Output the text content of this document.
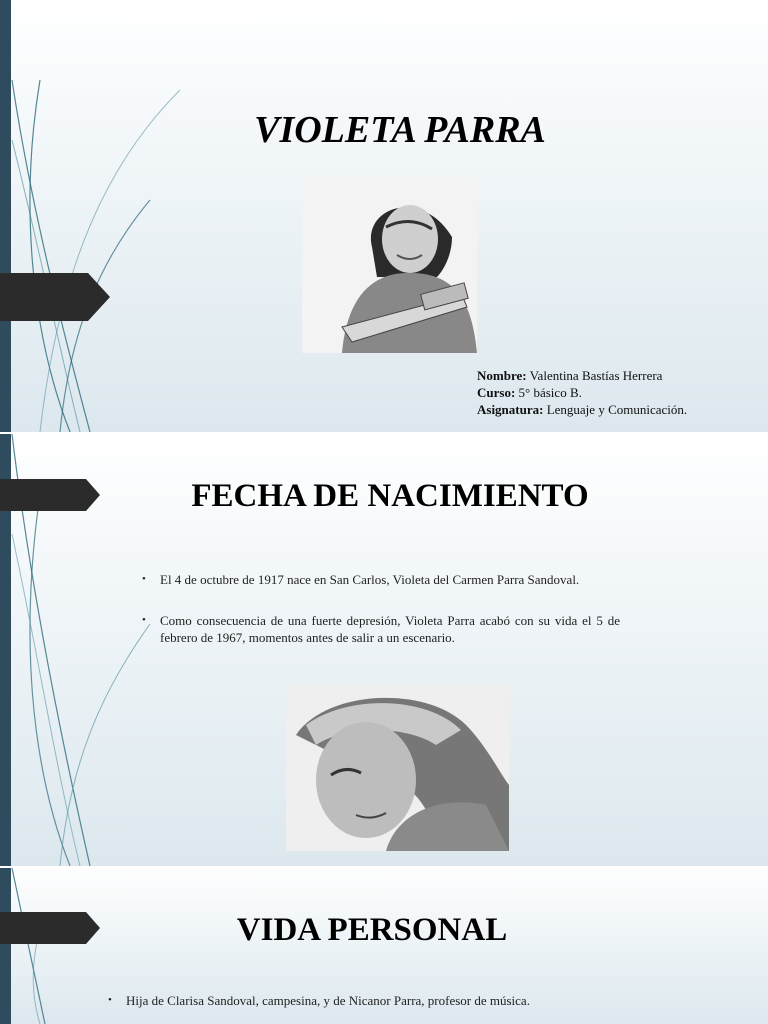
VIOLETA PARRA
Nombre: Valentina Bastías Herrera
Curso: 5° básico B.
Asignatura: Lenguaje y Comunicación.
FECHA DE NACIMIENTO
• El 4 de octubre de 1917 nace en San Carlos, Violeta del Carmen Parra Sandoval.
• Como consecuencia de una fuerte depresión, Violeta Parra acabó con su vida el 5 de febrero de 1967, momentos antes de salir a un escenario.
VIDA PERSONAL
• Hija de Clarisa Sandoval, campesina, y de Nicanor Parra, profesor de música.
